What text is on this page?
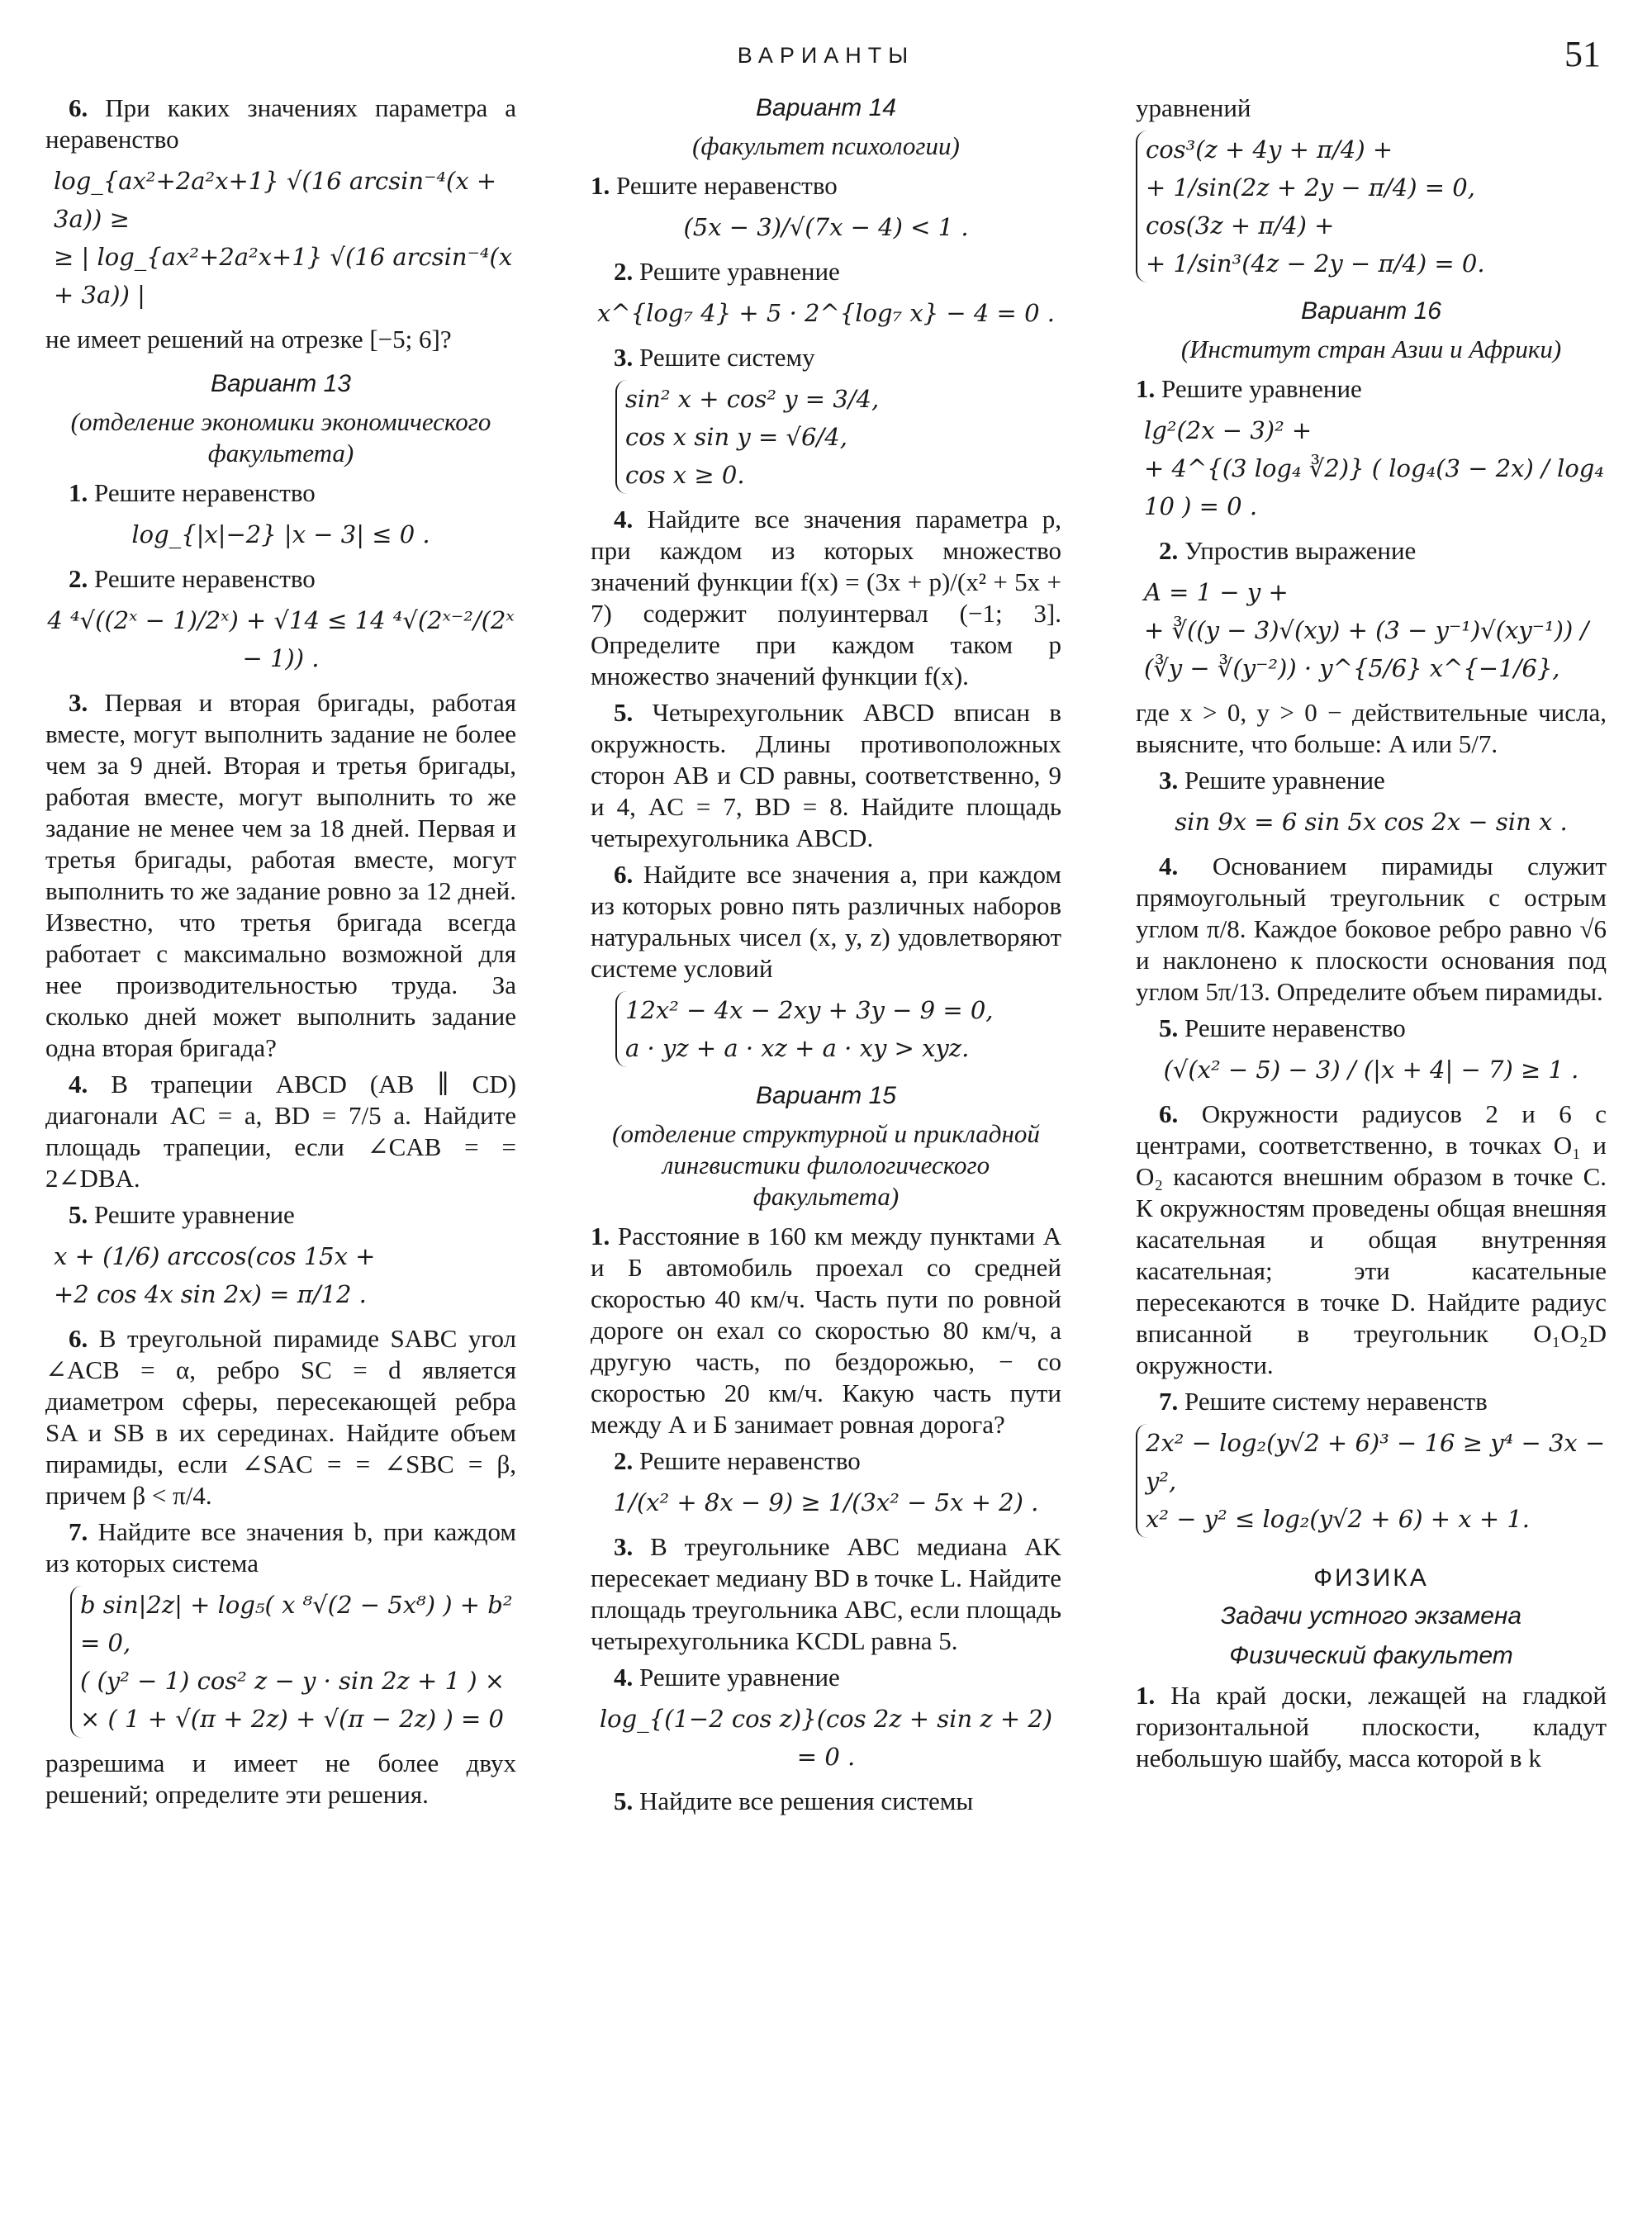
ВАРИАНТЫ	51

6. При каких значениях параметра a неравенство

log_{ax²+2a²x+1} √(16 arcsin⁻⁴(x + 3a)) ≥
≥ | log_{ax²+2a²x+1} √(16 arcsin⁻⁴(x + 3a)) |

не имеет решений на отрезке [−5; 6]?

Вариант 13
(отделение экономики экономического факультета)

1. Решите неравенство

log_{|x|−2} |x − 3| ≤ 0 .

2. Решите неравенство

4 ⁴√((2ˣ − 1)/2ˣ) + √14 ≤ 14 ⁴√(2ˣ⁻²/(2ˣ − 1)) .

3. Первая и вторая бригады, работая вместе, могут выполнить задание не более чем за 9 дней. Вторая и третья бригады, работая вместе, могут выполнить то же задание не менее чем за 18 дней. Первая и третья бригады, работая вместе, могут выполнить то же задание ровно за 12 дней. Известно, что третья бригада всегда работает с максимально возможной для нее производительностью труда. За сколько дней может выполнить задание одна вторая бригада?

4. В трапеции ABCD (AB ∥ CD) диагонали AC = a, BD = 7/5 a. Найдите площадь трапеции, если ∠CAB = = 2∠DBA.

5. Решите уравнение

x + (1/6) arccos(cos 15x +
+2 cos 4x sin 2x) = π/12 .

6. В треугольной пирамиде SABC угол ∠ACB = α, ребро SC = d является диаметром сферы, пересекающей ребра SA и SB в их серединах. Найдите объем пирамиды, если ∠SAC = = ∠SBC = β, причем β < π/4.

7. Найдите все значения b, при каждом из которых система

b sin|2z| + log₅( x ⁸√(2 − 5x⁸) ) + b² = 0,
( (y² − 1) cos² z − y · sin 2z + 1 ) ×
× ( 1 + √(π + 2z) + √(π − 2z) ) = 0

разрешима и имеет не более двух решений; определите эти решения.

Вариант 14
(факультет психологии)

1. Решите неравенство

(5x − 3)/√(7x − 4) < 1 .

2. Решите уравнение

x^{log₇ 4} + 5 · 2^{log₇ x} − 4 = 0 .

3. Решите систему

sin² x + cos² y = 3/4,
cos x sin y = √6/4,
cos x ≥ 0.

4. Найдите все значения параметра p, при каждом из которых множество значений функции f(x) = (3x + p)/(x² + 5x + 7) содержит полуинтервал (−1; 3]. Определите при каждом таком p множество значений функции f(x).

5. Четырехугольник ABCD вписан в окружность. Длины противоположных сторон AB и CD равны, соответственно, 9 и 4, AC = 7, BD = 8. Найдите площадь четырехугольника ABCD.

6. Найдите все значения a, при каждом из которых ровно пять различных наборов натуральных чисел (x, y, z) удовлетворяют системе условий

12x² − 4x − 2xy + 3y − 9 = 0,
a · yz + a · xz + a · xy > xyz.
Вариант 15
(отделение структурной и прикладной лингвистики филологического факультета)

1. Расстояние в 160 км между пунктами А и Б автомобиль проехал со средней скоростью 40 км/ч. Часть пути по ровной дороге он ехал со скоростью 80 км/ч, а другую часть, по бездорожью, − со скоростью 20 км/ч. Какую часть пути между А и Б занимает ровная дорога?

2. Решите неравенство

1/(x² + 8x − 9) ≥ 1/(3x² − 5x + 2) .

3. В треугольнике ABC медиана AK пересекает медиану BD в точке L. Найдите площадь треугольника ABC, если площадь четырехугольника KCDL равна 5.

4. Решите уравнение

log_{(1−2 cos z)}(cos 2z + sin z + 2) = 0 .

5. Найдите все решения системы

уравнений

cos³(z + 4y + π/4) +
+ 1/sin(2z + 2y − π/4) = 0,
cos(3z + π/4) +
+ 1/sin³(4z − 2y − π/4) = 0.
Вариант 16
(Институт стран Азии и Африки)

1. Решите уравнение

lg²(2x − 3)² +
+ 4^{(3 log₄ ∛2)} ( log₄(3 − 2x) / log₄ 10 ) = 0 .

2. Упростив выражение

A = 1 − y +
+ ∛((y − 3)√(xy) + (3 − y⁻¹)√(xy⁻¹)) / (∛y − ∛(y⁻²)) · y^{5/6} x^{−1/6},

где x > 0, y > 0 − действительные числа, выясните, что больше: A или 5/7.

3. Решите уравнение

sin 9x = 6 sin 5x cos 2x − sin x .

4. Основанием пирамиды служит прямоугольный треугольник с острым углом π/8. Каждое боковое ребро равно √6 и наклонено к плоскости основания под углом 5π/13. Определите объем пирамиды.

5. Решите неравенство

(√(x² − 5) − 3) / (|x + 4| − 7) ≥ 1 .

6. Окружности радиусов 2 и 6 с центрами, соответственно, в точках O₁ и O₂ касаются внешним образом в точке C. К окружностям проведены общая внешняя касательная и общая внутренняя касательная; эти касательные пересекаются в точке D. Найдите радиус вписанной в треугольник O₁O₂D окружности.

7. Решите систему неравенств

2x² − log₂(y√2 + 6)³ − 16 ≥ y⁴ − 3x − y²,
x² − y² ≤ log₂(y√2 + 6) + x + 1.
ФИЗИКА
Задачи устного экзамена
Физический факультет

1. На край доски, лежащей на гладкой горизонтальной плоскости, кладут небольшую шайбу, масса которой в k
